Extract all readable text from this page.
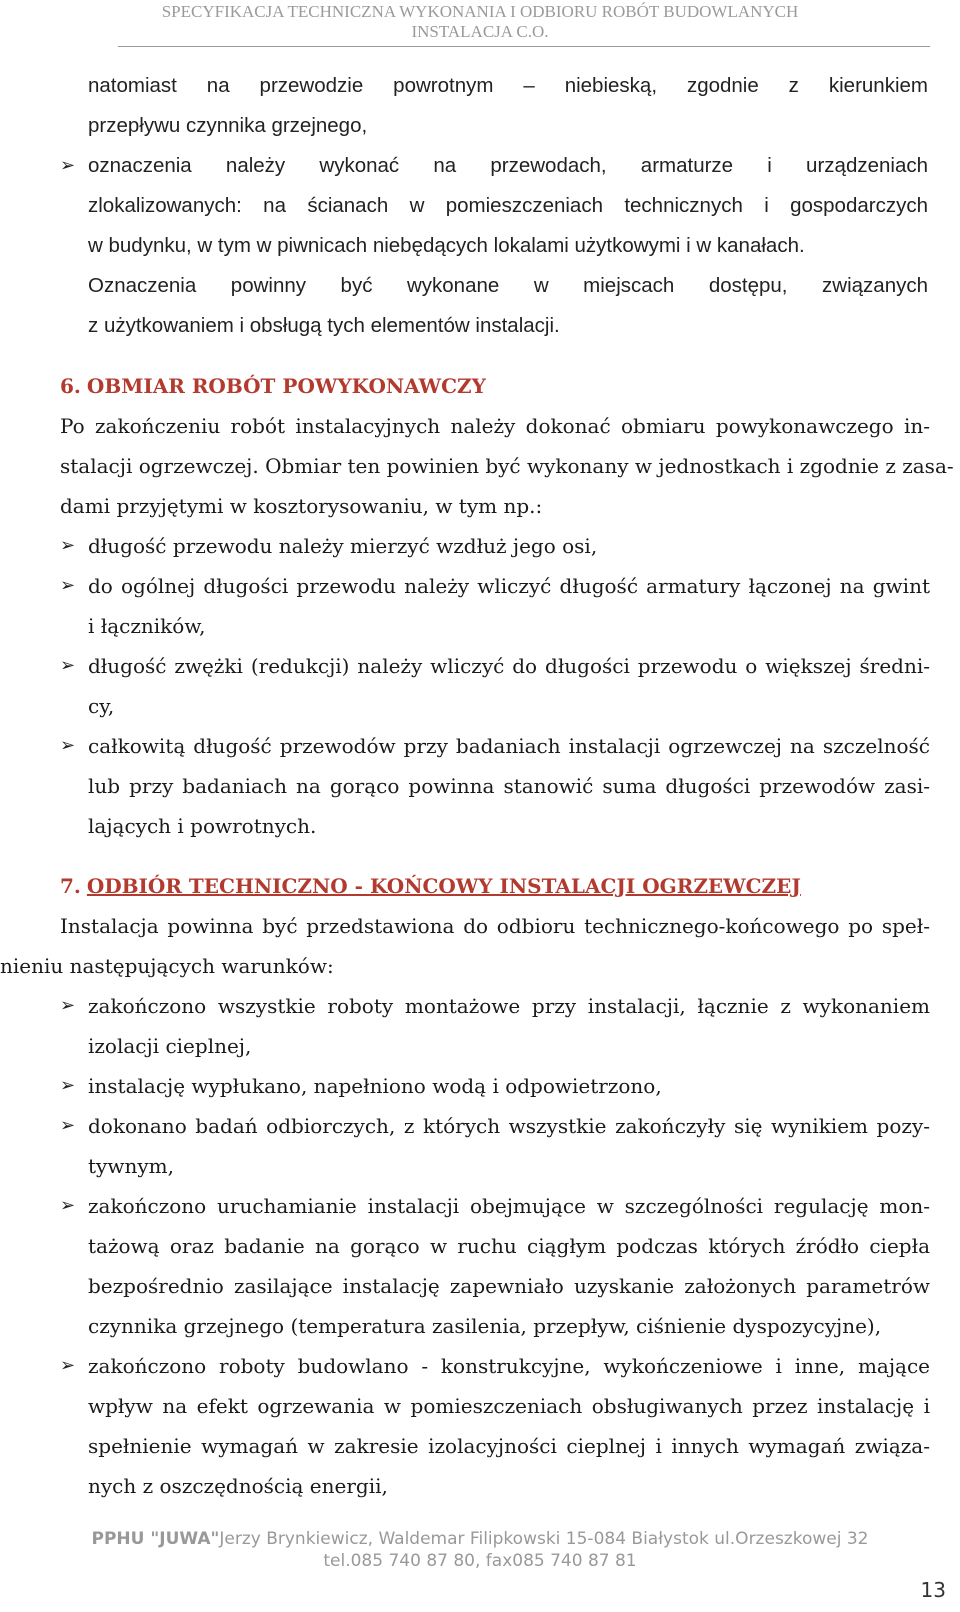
SPECYFIKACJA TECHNICZNA WYKONANIA I ODBIORU ROBÓT BUDOWLANYCH
INSTALACJA C.O.
natomiast na przewodzie powrotnym – niebieską, zgodnie z kierunkiem
przepływu czynnika grzejnego,
➢ oznaczenia należy wykonać na przewodach, armaturze i urządzeniach
zlokalizowanych: na ścianach w pomieszczeniach technicznych i gospodarczych
w budynku, w tym w piwnicach niebędących lokalami użytkowymi i w kanałach.
Oznaczenia powinny być wykonane w miejscach dostępu, związanych
z użytkowaniem i obsługą tych elementów instalacji.
6. OBMIAR ROBÓT POWYKONAWCZY
Po zakończeniu robót instalacyjnych należy dokonać obmiaru powykonawczego in-
stalacji ogrzewczej. Obmiar ten powinien być wykonany w jednostkach i zgodnie z zasa-
dami przyjętymi w kosztorysowaniu, w tym np.:
➢ długość przewodu należy mierzyć wzdłuż jego osi,
➢ do ogólnej długości przewodu należy wliczyć długość armatury łączonej na gwint
i łączników,
➢ długość zwężki (redukcji) należy wliczyć do długości przewodu o większej średni-
cy,
➢ całkowitą długość przewodów przy badaniach instalacji ogrzewczej na szczelność
lub przy badaniach na gorąco powinna stanowić suma długości przewodów zasi-
lających i powrotnych.
7. ODBIÓR TECHNICZNO - KOŃCOWY INSTALACJI OGRZEWCZEJ
Instalacja powinna być przedstawiona do odbioru technicznego-końcowego po speł-
nieniu następujących warunków:
➢ zakończono wszystkie roboty montażowe przy instalacji, łącznie z wykonaniem
izolacji cieplnej,
➢ instalację wypłukano, napełniono wodą i odpowietrzono,
➢ dokonano badań odbiorczych, z których wszystkie zakończyły się wynikiem pozy-
tywnym,
➢ zakończono uruchamianie instalacji obejmujące w szczególności regulację mon-
tażową oraz badanie na gorąco w ruchu ciągłym podczas których źródło ciepła
bezpośrednio zasilające instalację zapewniało uzyskanie założonych parametrów
czynnika grzejnego (temperatura zasilenia, przepływ, ciśnienie dyspozycyjne),
➢ zakończono roboty budowlano - konstrukcyjne, wykończeniowe i inne, mające
wpływ na efekt ogrzewania w pomieszczeniach obsługiwanych przez instalację i
spełnienie wymagań w zakresie izolacyjności cieplnej i innych wymagań związa-
nych z oszczędnością energii,
PPHU "JUWA"Jerzy Brynkiewicz, Waldemar Filipkowski 15-084 Białystok ul.Orzeszkowej 32
tel.085 740 87 80, fax085 740 87 81
13
